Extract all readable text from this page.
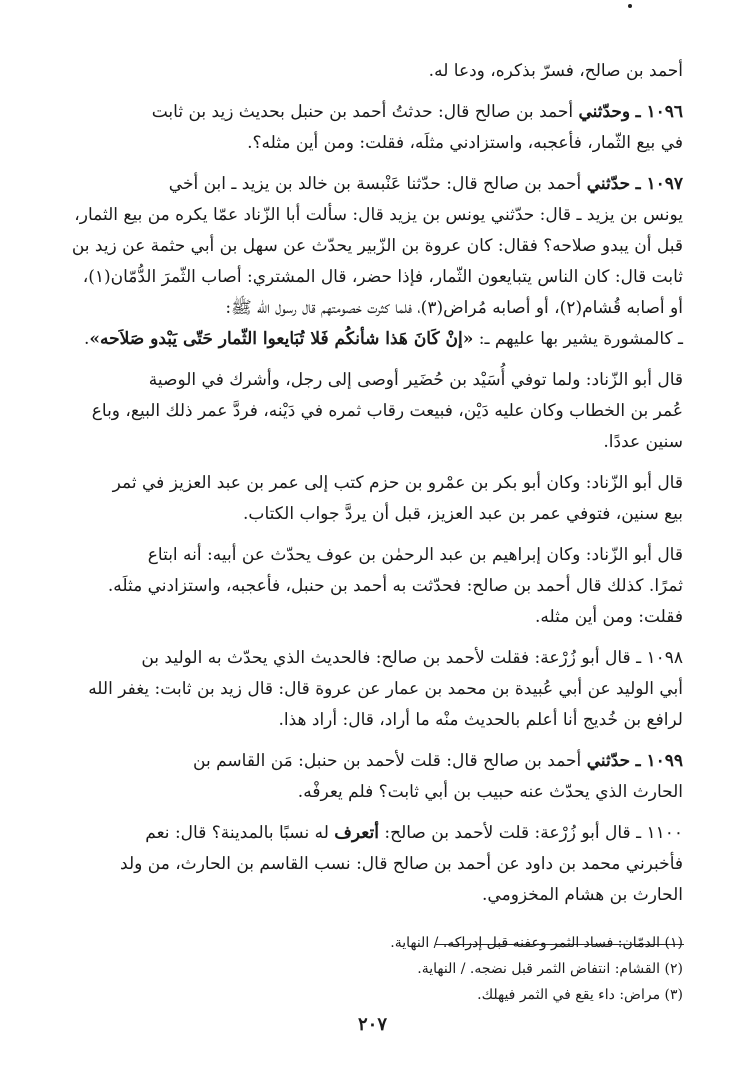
أحمد بن صالح، فسرّ بذكره، ودعا له.

١٠٩٦ ـ وحدّثني أحمد بن صالح قال: حدثتُ أحمد بن حنبل بحديث زيد بن ثابت

في بيع الثّمار، فأعجبه، واستزادني مثلَه، فقلت: ومن أين مثله؟.

١٠٩٧ ـ حدّثني أحمد بن صالح قال: حدّثنا عَنْبسة بن خالد بن يزيد ـ ابن أخي

يونس بن يزيد ـ قال: حدّثني يونس بن يزيد قال: سألت أبا الزّناد عمّا يكره من بيع الثمار،

قبل أن يبدو صلاحه؟ فقال: كان عروة بن الزّبير يحدّث عن سهل بن أبي حثمة عن زيد بن

ثابت قال: كان الناس يتبايعون الثّمار، فإذا حضر، قال المشتري: أصاب الثّمرَ الدُّمّان(١)،

أو أصابه قُشام(٢)، أو أصابه مُراض(٣)، فلما كثرت خصومتهم قال رسول الله ﷺ:

ـ كالمشورة يشير بها عليهم ـ: «إنْ كَانَ هَذا شأنكُم فَلا تُبَايعوا الثّمار حَتّى يَبْدو صَلاَحه».

قال أبو الزّناد: ولما توفي أُسَيْد بن حُضَير أوصى إلى رجل، وأشرك في الوصية

عُمر بن الخطاب وكان عليه دَيْن، فبيعت رقاب ثمره في دَيْنه، فردَّ عمر ذلك البيع، وباع

سنين عددًا.

قال أبو الزّناد: وكان أبو بكر بن عمْرو بن حزم كتب إلى عمر بن عبد العزيز في ثمر

بيع سنين، فتوفي عمر بن عبد العزيز، قبل أن يردَّ جواب الكتاب.

قال أبو الزّناد: وكان إبراهيم بن عبد الرحمٰن بن عوف يحدّث عن أبيه: أنه ابتاع

ثمرًا. كذلك قال أحمد بن صالح: فحدّثت به أحمد بن حنبل، فأعجبه، واستزادني مثلَه.

فقلت: ومن أين مثله.

١٠٩٨ ـ قال أبو زُرْعة: فقلت لأحمد بن صالح: فالحديث الذي يحدّث به الوليد بن

أبي الوليد عن أبي عُبيدة بن محمد بن عمار عن عروة قال: قال زيد بن ثابت: يغفر الله

لرافع بن خُديج أنا أعلم بالحديث منْه ما أراد، قال: أراد هذا.

١٠٩٩ ـ حدّثني أحمد بن صالح قال: قلت لأحمد بن حنبل: مَن القاسم بن

الحارث الذي يحدّث عنه حبيب بن أبي ثابت؟ فلم يعرفْه.

١١٠٠ ـ قال أبو زُرْعة: قلت لأحمد بن صالح: أتعرف له نسبًا بالمدينة؟ قال: نعم

فأخبرني محمد بن داود عن أحمد بن صالح قال: نسب القاسم بن الحارث، من ولد

الحارث بن هشام المخزومي.

(١) الدمّان: فساد الثمر وعفنه قبل إدراكه. / النهاية.

(٢) القشام: انتفاض الثمر قبل نضجه. / النهاية.

(٣) مراض: داء يقع في الثمر فيهلك.

٢٠٧
